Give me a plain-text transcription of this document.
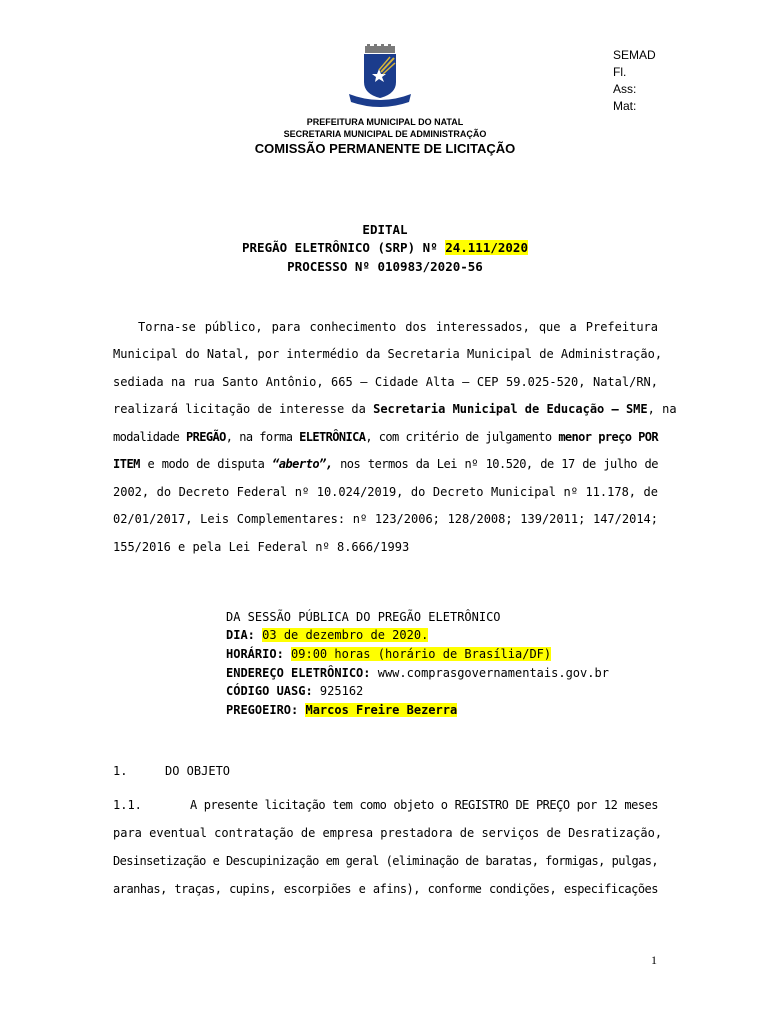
SEMAD
Fl.
Ass:
Mat:
PREFEITURA MUNICIPAL DO NATAL
SECRETARIA MUNICIPAL DE ADMINISTRAÇÃO
COMISSÃO PERMANENTE DE LICITAÇÃO
EDITAL
PREGÃO ELETRÔNICO (SRP) Nº 24.111/2020
PROCESSO Nº 010983/2020-56
Torna-se público, para conhecimento dos interessados, que a Prefeitura
Municipal do Natal, por intermédio da Secretaria Municipal de Administração,
sediada na rua Santo Antônio, 665 – Cidade Alta – CEP 59.025-520, Natal/RN,
realizará licitação de interesse da Secretaria Municipal de Educação – SME, na
modalidade PREGÃO, na forma ELETRÔNICA, com critério de julgamento menor preço POR
ITEM e modo de disputa “aberto”, nos termos da Lei nº 10.520, de 17 de julho de
2002, do Decreto Federal nº 10.024/2019, do Decreto Municipal nº 11.178, de
02/01/2017, Leis Complementares: nº 123/2006; 128/2008; 139/2011; 147/2014;
155/2016 e pela Lei Federal nº 8.666/1993
DA SESSÃO PÚBLICA DO PREGÃO ELETRÔNICO
DIA: 03 de dezembro de 2020.
HORÁRIO: 09:00 horas (horário de Brasília/DF)
ENDEREÇO ELETRÔNICO: www.comprasgovernamentais.gov.br
CÓDIGO UASG: 925162
PREGOEIRO: Marcos Freire Bezerra
1.	DO OBJETO
1.1.	A presente licitação tem como objeto o REGISTRO DE PREÇO por 12 meses
para eventual contratação de empresa prestadora de serviços de Desratização,
Desinsetização e Descupinização em geral (eliminação de baratas, formigas, pulgas,
aranhas, traças, cupins, escorpiões e afins), conforme condições, especificações
1
